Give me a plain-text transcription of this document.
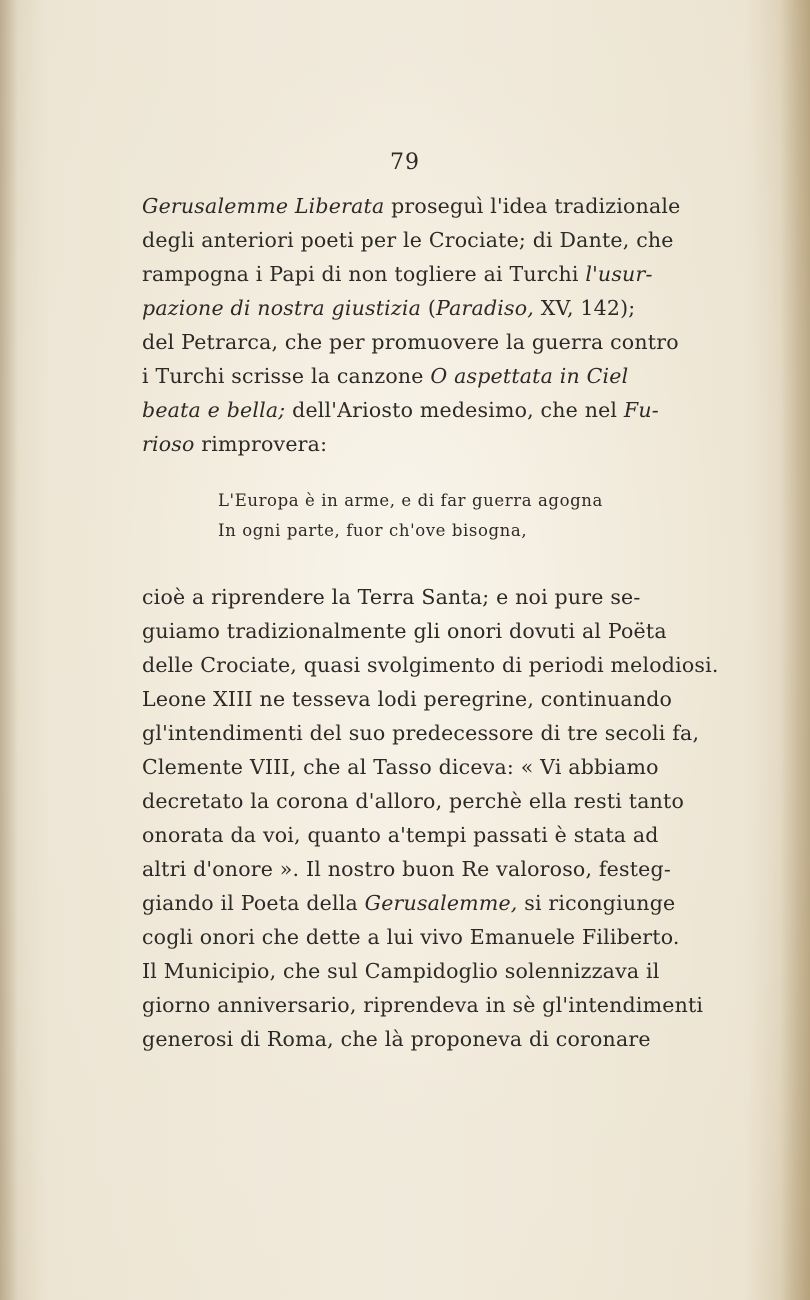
79
Gerusalemme Liberata proseguì l'idea tradizionale
degli anteriori poeti per le Crociate; di Dante, che
rampogna i Papi di non togliere ai Turchi l'usur-
pazione di nostra giustizia (Paradiso, XV, 142);
del Petrarca, che per promuovere la guerra contro
i Turchi scrisse la canzone O aspettata in Ciel
beata e bella; dell'Ariosto medesimo, che nel Fu-
rioso rimprovera:
L'Europa è in arme, e di far guerra agogna
In ogni parte, fuor ch'ove bisogna,
cioè a riprendere la Terra Santa; e noi pure se-
guiamo tradizionalmente gli onori dovuti al Poëta
delle Crociate, quasi svolgimento di periodi melodiosi.
Leone XIII ne tesseva lodi peregrine, continuando
gl'intendimenti del suo predecessore di tre secoli fa,
Clemente VIII, che al Tasso diceva: « Vi abbiamo
decretato la corona d'alloro, perchè ella resti tanto
onorata da voi, quanto a'tempi passati è stata ad
altri d'onore ». Il nostro buon Re valoroso, festeg-
giando il Poeta della Gerusalemme, si ricongiunge
cogli onori che dette a lui vivo Emanuele Filiberto.
Il Municipio, che sul Campidoglio solennizzava il
giorno anniversario, riprendeva in sè gl'intendimenti
generosi di Roma, che là proponeva di coronare
